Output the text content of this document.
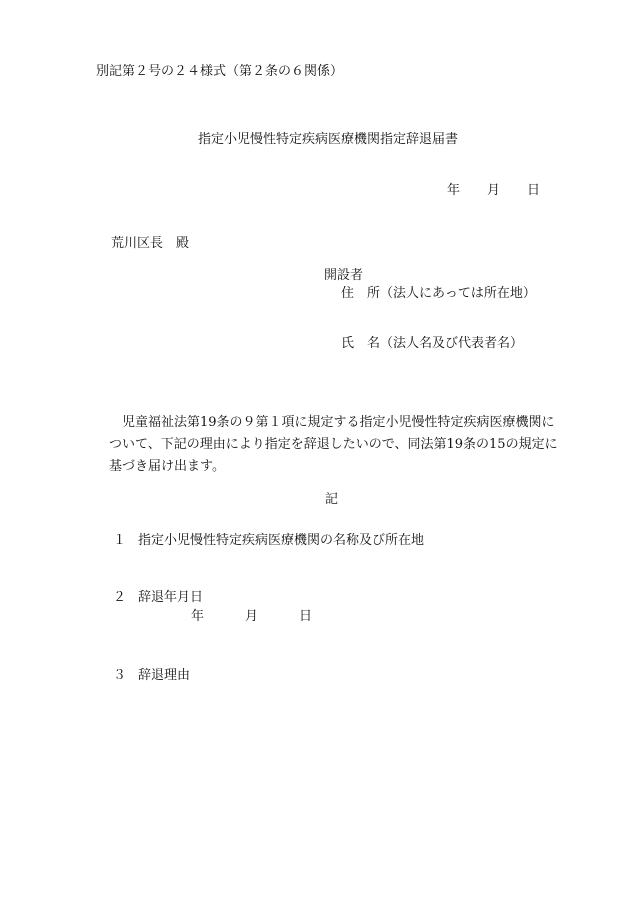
別記第２号の２４様式（第２条の６関係）

指定小児慢性特定疾病医療機関指定辞退届書

年 月 日

荒川区長　殿

開設者

住　所（法人にあっては所在地）

氏　名（法人名及び代表者名）

　児童福祉法第19条の９第１項に規定する指定小児慢性特定疾病医療機関に
ついて、下記の理由により指定を辞退したいので、同法第19条の15の規定に
基づき届け出ます。

記

１ 指定小児慢性特定疾病医療機関の名称及び所在地
２ 辞退年月日
年	月	日
３ 辞退理由
